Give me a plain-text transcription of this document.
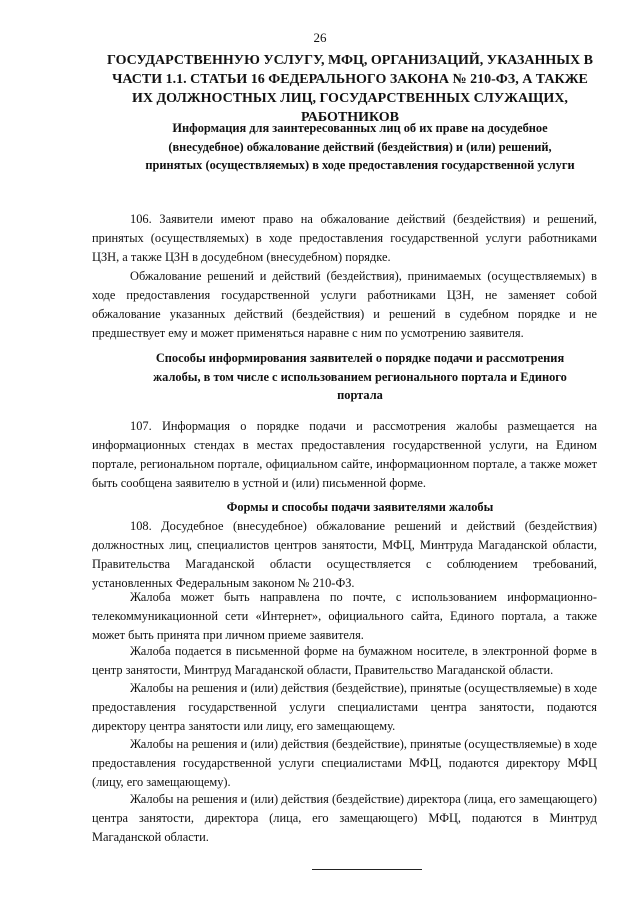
26
ГОСУДАРСТВЕННУЮ УСЛУГУ, МФЦ, ОРГАНИЗАЦИЙ, УКАЗАННЫХ В ЧАСТИ 1.1. СТАТЬИ 16 ФЕДЕРАЛЬНОГО ЗАКОНА № 210-ФЗ, А ТАКЖЕ ИХ ДОЛЖНОСТНЫХ ЛИЦ, ГОСУДАРСТВЕННЫХ СЛУЖАЩИХ, РАБОТНИКОВ
Информация для заинтересованных лиц об их праве на досудебное (внесудебное) обжалование действий (бездействия) и (или) решений, принятых (осуществляемых) в ходе предоставления государственной услуги

106. Заявители имеют право на обжалование действий (бездействия) и решений, принятых (осуществляемых) в ходе предоставления государственной услуги работниками ЦЗН, а также ЦЗН в досудебном (внесудебном) порядке.

Обжалование решений и действий (бездействия), принимаемых (осуществляемых) в ходе предоставления государственной услуги работниками ЦЗН, не заменяет собой обжалование указанных действий (бездействия) и решений в судебном порядке и не предшествует ему и может применяться наравне с ним по усмотрению заявителя.

Способы информирования заявителей о порядке подачи и рассмотрения жалобы, в том числе с использованием регионального портала и Единого портала

107. Информация о порядке подачи и рассмотрения жалобы размещается на информационных стендах в местах предоставления государственной услуги, на Едином портале, региональном портале, официальном сайте, информационном портале, а также может быть сообщена заявителю в устной и (или) письменной форме.

Формы и способы подачи заявителями жалобы

108. Досудебное (внесудебное) обжалование решений и действий (бездействия) должностных лиц, специалистов центров занятости, МФЦ, Минтруда Магаданской области, Правительства Магаданской области осуществляется с соблюдением требований, установленных Федеральным законом № 210-ФЗ.

Жалоба может быть направлена по почте, с использованием информационно-телекоммуникационной сети «Интернет», официального сайта, Единого портала, а также может быть принята при личном приеме заявителя.

Жалоба подается в письменной форме на бумажном носителе, в электронной форме в центр занятости, Минтруд Магаданской области, Правительство Магаданской области.

Жалобы на решения и (или) действия (бездействие), принятые (осуществляемые) в ходе предоставления государственной услуги специалистами центра занятости, подаются директору центра занятости или лицу, его замещающему.

Жалобы на решения и (или) действия (бездействие), принятые (осуществляемые) в ходе предоставления государственной услуги специалистами МФЦ, подаются директору МФЦ (лицу, его замещающему).

Жалобы на решения и (или) действия (бездействие) директора (лица, его замещающего) центра занятости, директора (лица, его замещающего) МФЦ, подаются в Минтруд Магаданской области.
